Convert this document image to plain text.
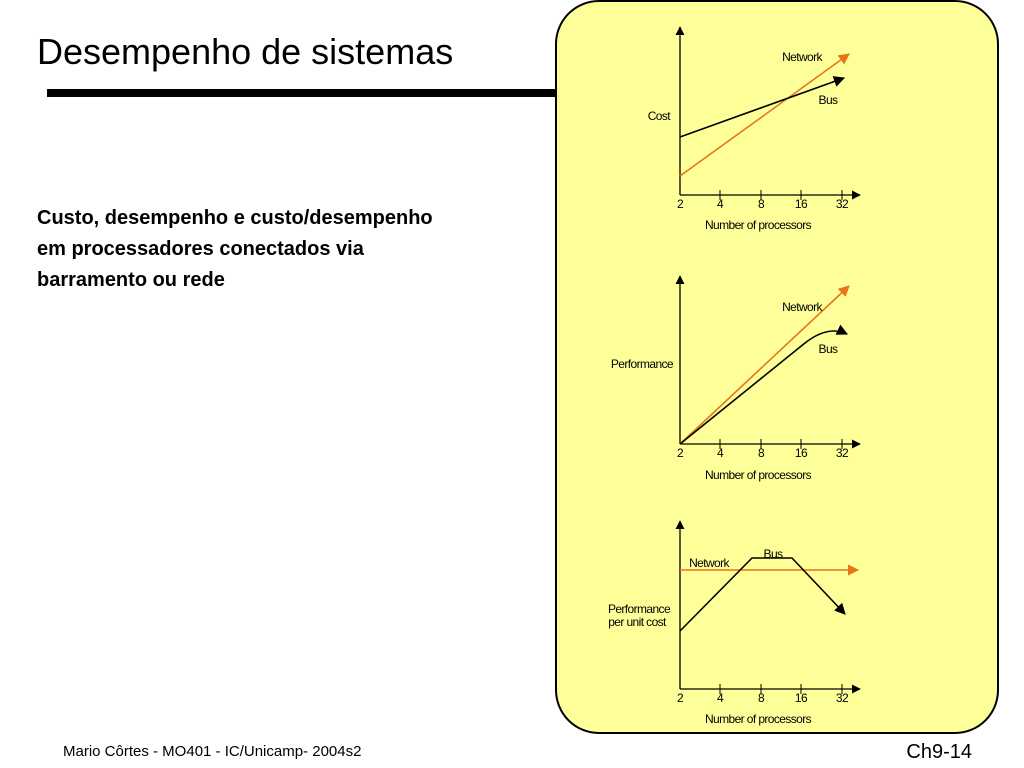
Desempenho de sistemas

Custo, desempenho e custo/desempenho em processadores conectados via barramento ou rede

2	4	8	16 32
Number of processors
Cost
Network
Bus
2	4	8	16 32
Number of processors
Performance
Network
Bus
2	4	8	16 32
Number of processors
Performance
per unit cost
Bus
Network
Mario Côrtes - MO401 - IC/Unicamp- 2004s2	Ch9-14
